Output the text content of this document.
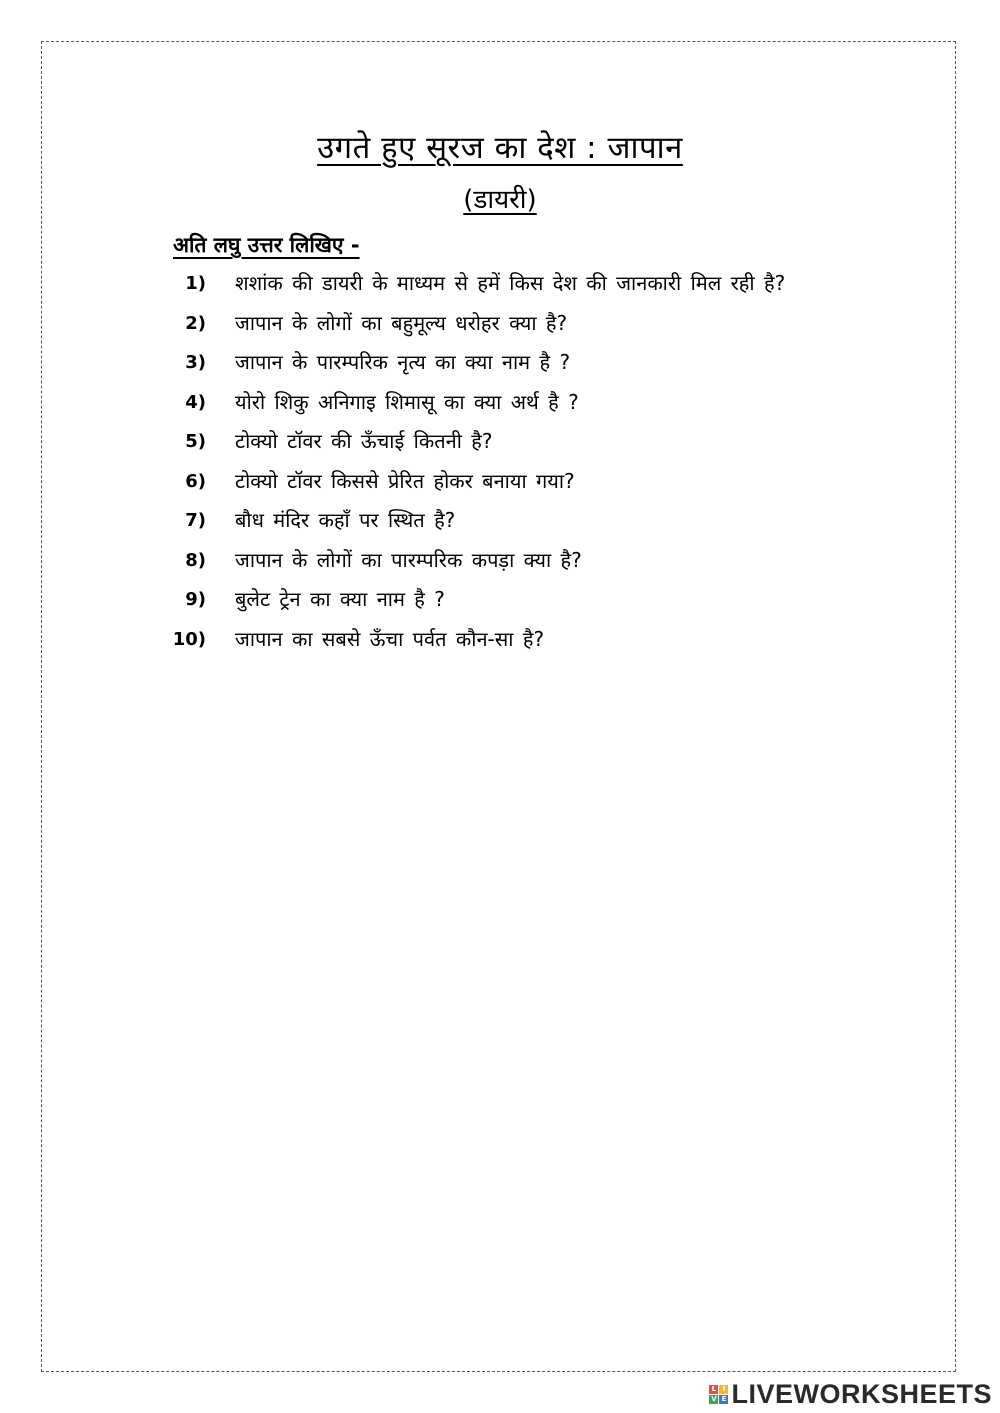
उगते हुए सूरज का देश : जापान
(डायरी)
अति लघु उत्तर लिखिए -
1) शशांक की डायरी के माध्यम से हमें किस देश की जानकारी मिल रही है?
2) जापान के लोगों का बहुमूल्य धरोहर क्या है?
3) जापान के पारम्परिक नृत्य का क्या नाम है ?
4) योरो शिकु अनिगाइ शिमासू का क्या अर्थ है ?
5) टोक्यो टॉवर की ऊँचाई कितनी है?
6) टोक्यो टॉवर किससे प्रेरित होकर बनाया गया?
7) बौध मंदिर कहाँ पर स्थित है?
8) जापान के लोगों का पारम्परिक कपड़ा क्या है?
9) बुलेट ट्रेन का क्या नाम है ?
10) जापान का सबसे ऊँचा पर्वत कौन-सा है?
L I
V E LIVEWORKSHEETS
